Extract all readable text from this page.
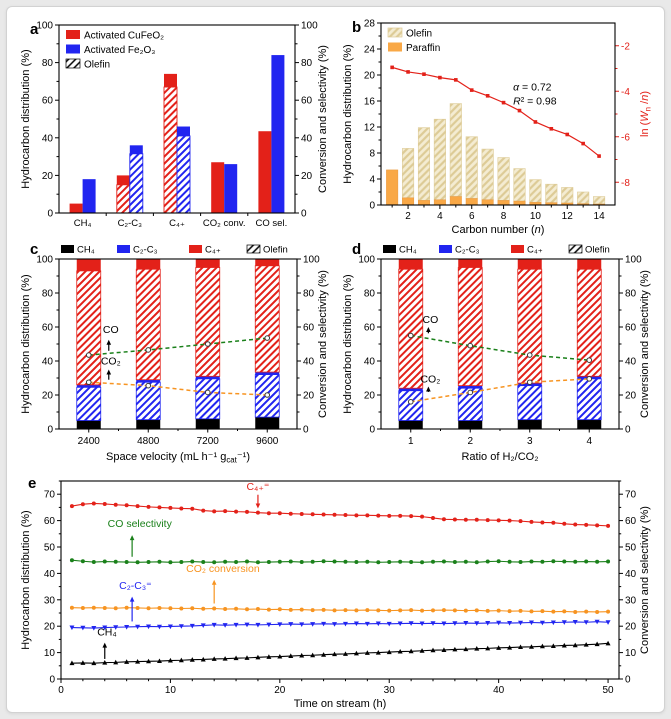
0	0
20	20
40	40
60	60
80	80
100	100
CH₄	C₂-C₃	C₄₊ CO₂ conv. CO sel.
Activated CuFeO₂
Activated Fe₂O₃
Olefin
Hydrocarbon distribution (%)	Conversion and selectivity (%)
a
0
4
8
12
16
20
24
28
-8
-6
-4
-2
2	4	6	8 10 12 14
Olefin
Paraffin
α = 0.72
R² = 0.98
Carbon number (n)
Hydrocarbon distribution (%)	$\ln (W_n$ /n)
b
CO
CO₂
0	0
20	20
40	40
60	60
80	80
100	100
2400	4800	7200	9600
CH₄	C₂-C₃	C₄₊	Olefin
Space velocity (mL h⁻¹ $g_{cat}^{-1}$)
Hydrocarbon distribution (%)	Conversion and selectivity (%)
c
CO
CO₂
0	0
20	20
40	40
60	60
80	80
100	100
1	2	3	4
CH₄	C₂-C₃	C₄₊	Olefin
Ratio of H₂/CO₂
Hydrocarbon distribution (%)	Conversion and selectivity (%)
d
C₄₊⁼
CO selectivity
CO₂ conversion
C₂-C₃⁼
CH₄
0	0
10	10
20	20
30	30
40	40
50	50
60	60
70	70
0	10	20	30	40	50
Time on stream (h)
Hydrocarbon distribution (%)	Conversion and selectivity (%)
e
